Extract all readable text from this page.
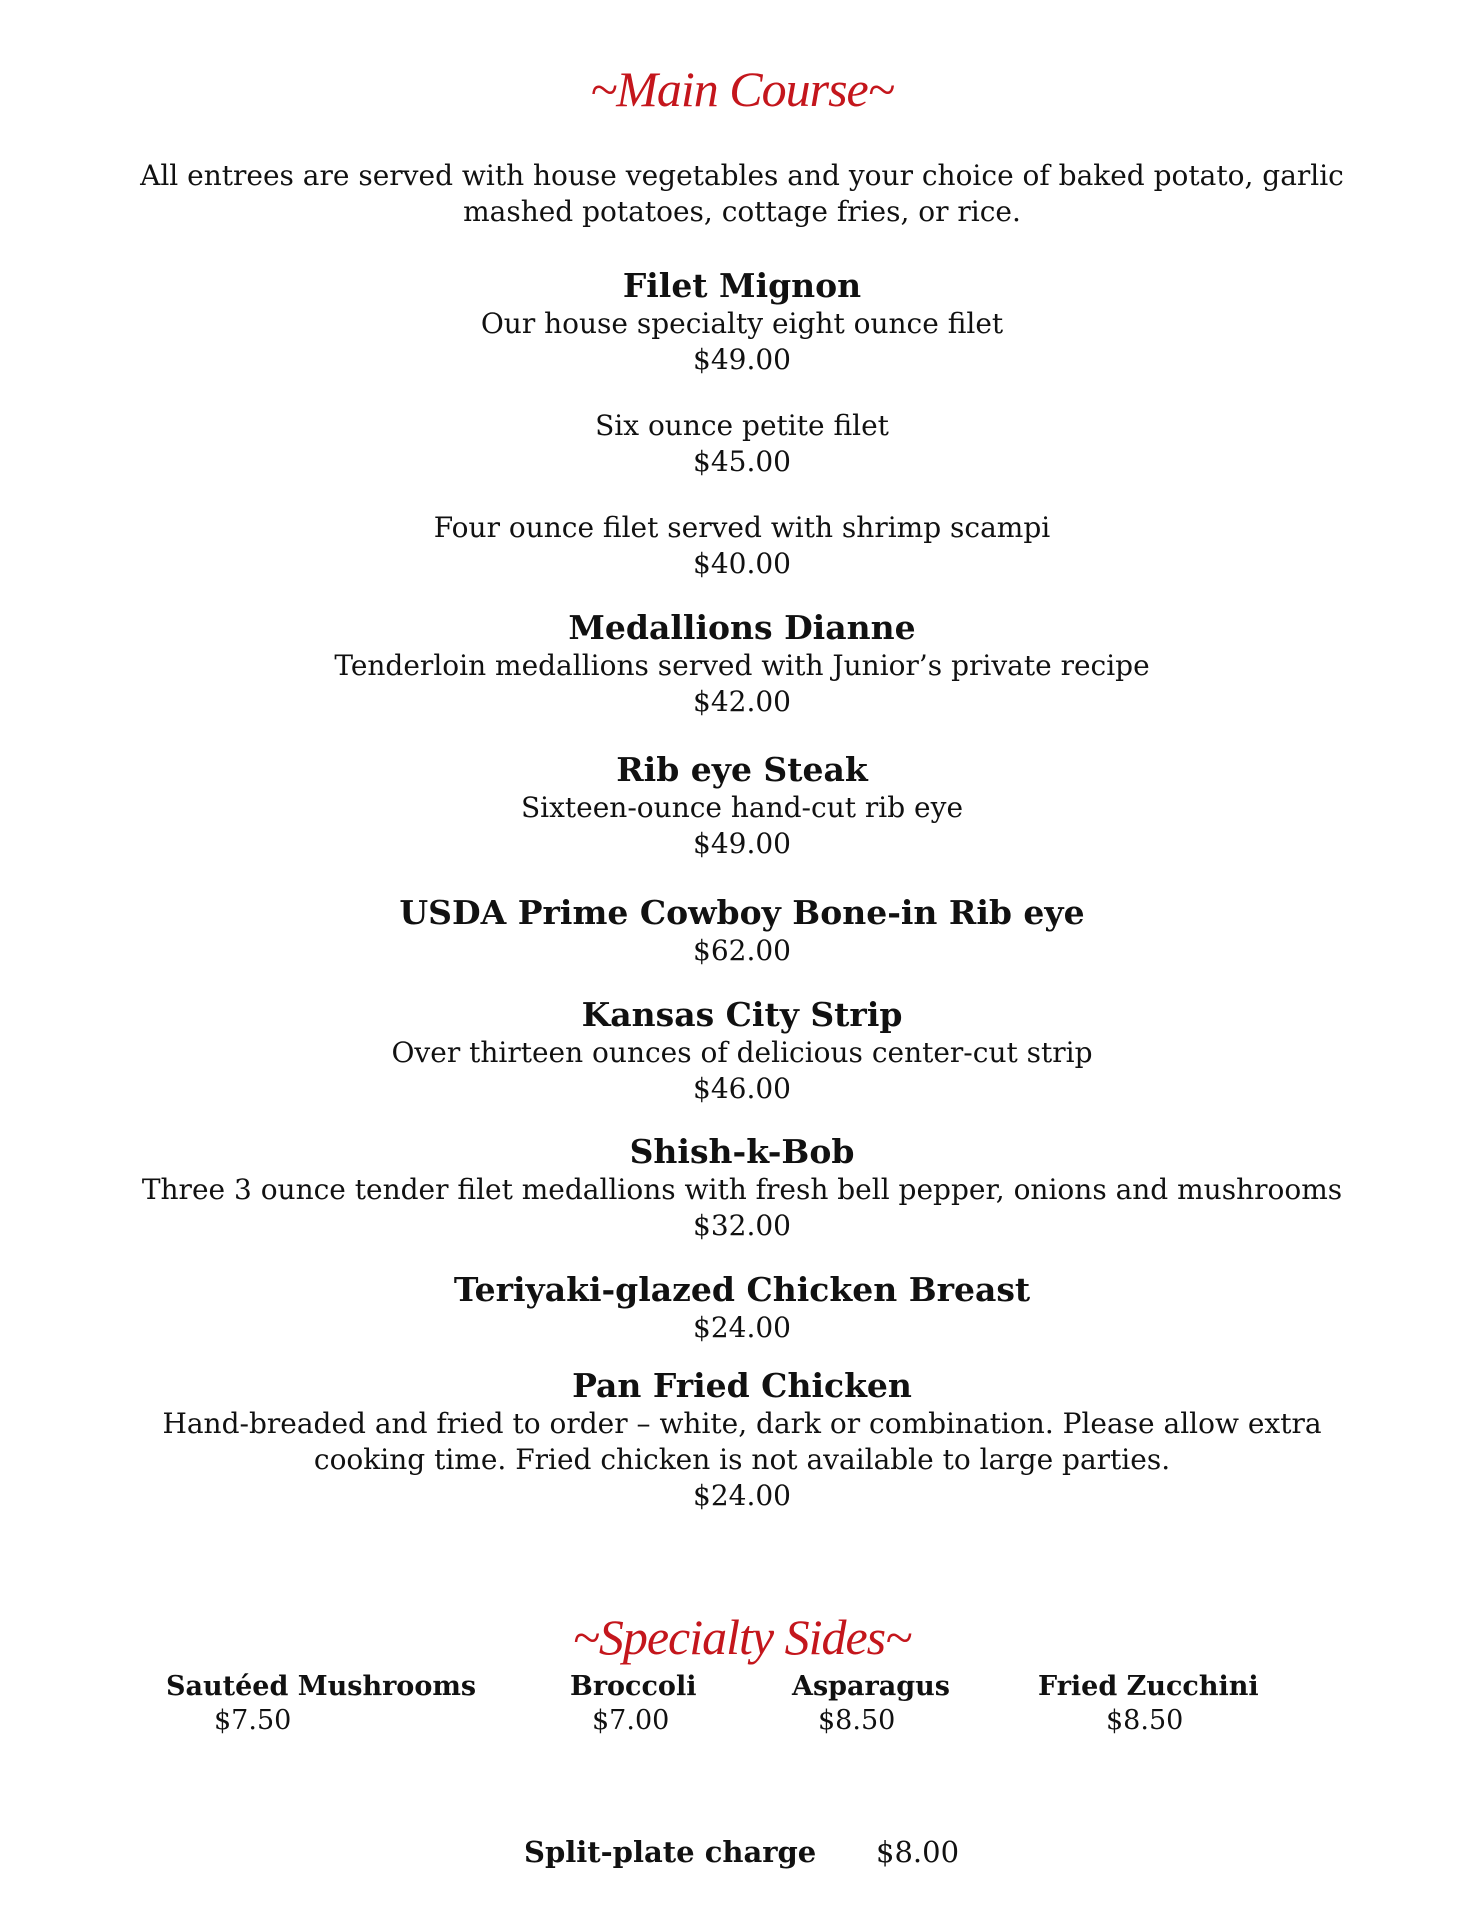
~Main Course~
All entrees are served with house vegetables and your choice of baked potato, garlic
mashed potatoes, cottage fries, or rice.
Filet Mignon
Our house specialty eight ounce filet
$49.00
Six ounce petite filet
$45.00
Four ounce filet served with shrimp scampi
$40.00
Medallions Dianne
Tenderloin medallions served with Junior’s private recipe
$42.00
Rib eye Steak
Sixteen-ounce hand-cut rib eye
$49.00
USDA Prime Cowboy Bone-in Rib eye
$62.00
Kansas City Strip
Over thirteen ounces of delicious center-cut strip
$46.00
Shish-k-Bob
Three 3 ounce tender filet medallions with fresh bell pepper, onions and mushrooms
$32.00
Teriyaki-glazed Chicken Breast
$24.00
Pan Fried Chicken
Hand-breaded and fried to order – white, dark or combination. Please allow extra
cooking time. Fried chicken is not available to large parties.
$24.00
~Specialty Sides~
Sautéed Mushrooms
$7.50
Broccoli
$7.00
Asparagus
$8.50
Fried Zucchini
$8.50
Split-plate charge $8.00
